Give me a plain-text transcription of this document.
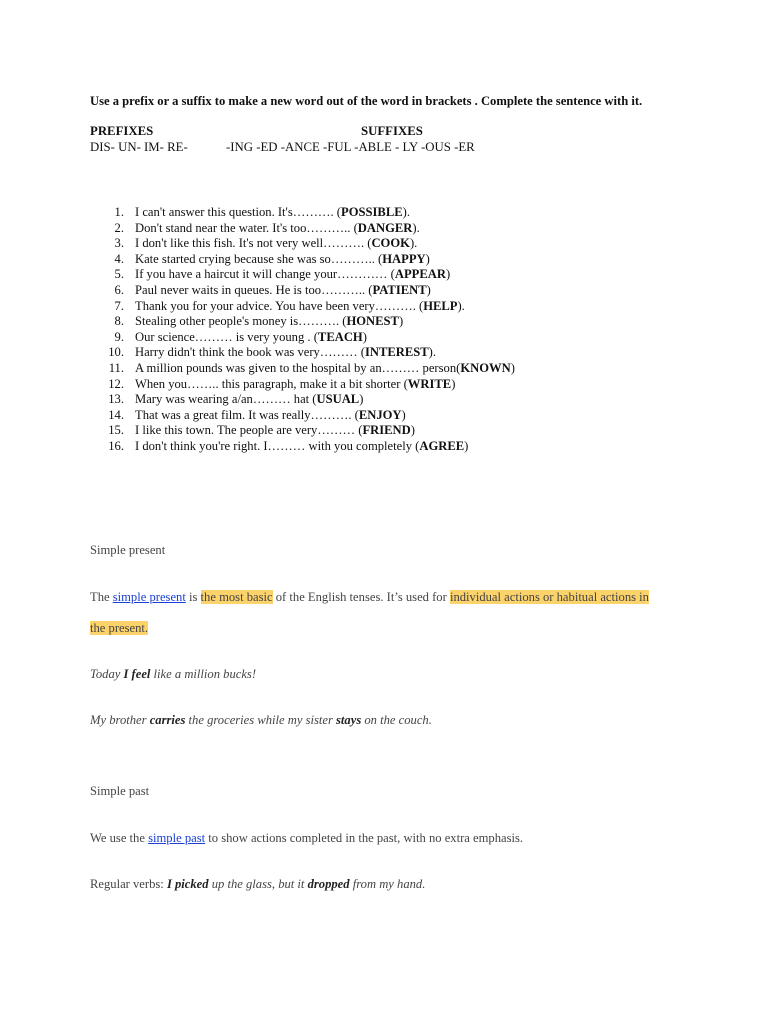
Use a prefix or a suffix to make a new word out of the word in brackets . Complete the sentence with it.
PREFIXES	SUFFIXES
DIS- UN- IM- RE-	-ING -ED -ANCE -FUL -ABLE - LY -OUS -ER
1. I can't answer this question. It's………. (POSSIBLE).
2. Don't stand near the water. It's too……….. (DANGER).
3. I don't like this fish. It's not very well………. (COOK).
4. Kate started crying because she was so……….. (HAPPY)
5. If you have a haircut it will change your………… (APPEAR)
6. Paul never waits in queues. He is too……….. (PATIENT)
7. Thank you for your advice. You have been very………. (HELP).
8. Stealing other people's money is………. (HONEST)
9. Our science……… is very young . (TEACH)
10. Harry didn't think the book was very……… (INTEREST).
11. A million pounds was given to the hospital by an……… person(KNOWN)
12. When you…….. this paragraph, make it a bit shorter (WRITE)
13. Mary was wearing a/an……… hat (USUAL)
14. That was a great film. It was really………. (ENJOY)
15. I like this town. The people are very……… (FRIEND)
16. I don't think you're right. I……… with you completely (AGREE)
Simple present
The simple present is the most basic of the English tenses. It’s used for individual actions or habitual actions in
the present.
Today I feel like a million bucks!
My brother carries the groceries while my sister stays on the couch.
Simple past
We use the simple past to show actions completed in the past, with no extra emphasis.
Regular verbs: I picked up the glass, but it dropped from my hand.
